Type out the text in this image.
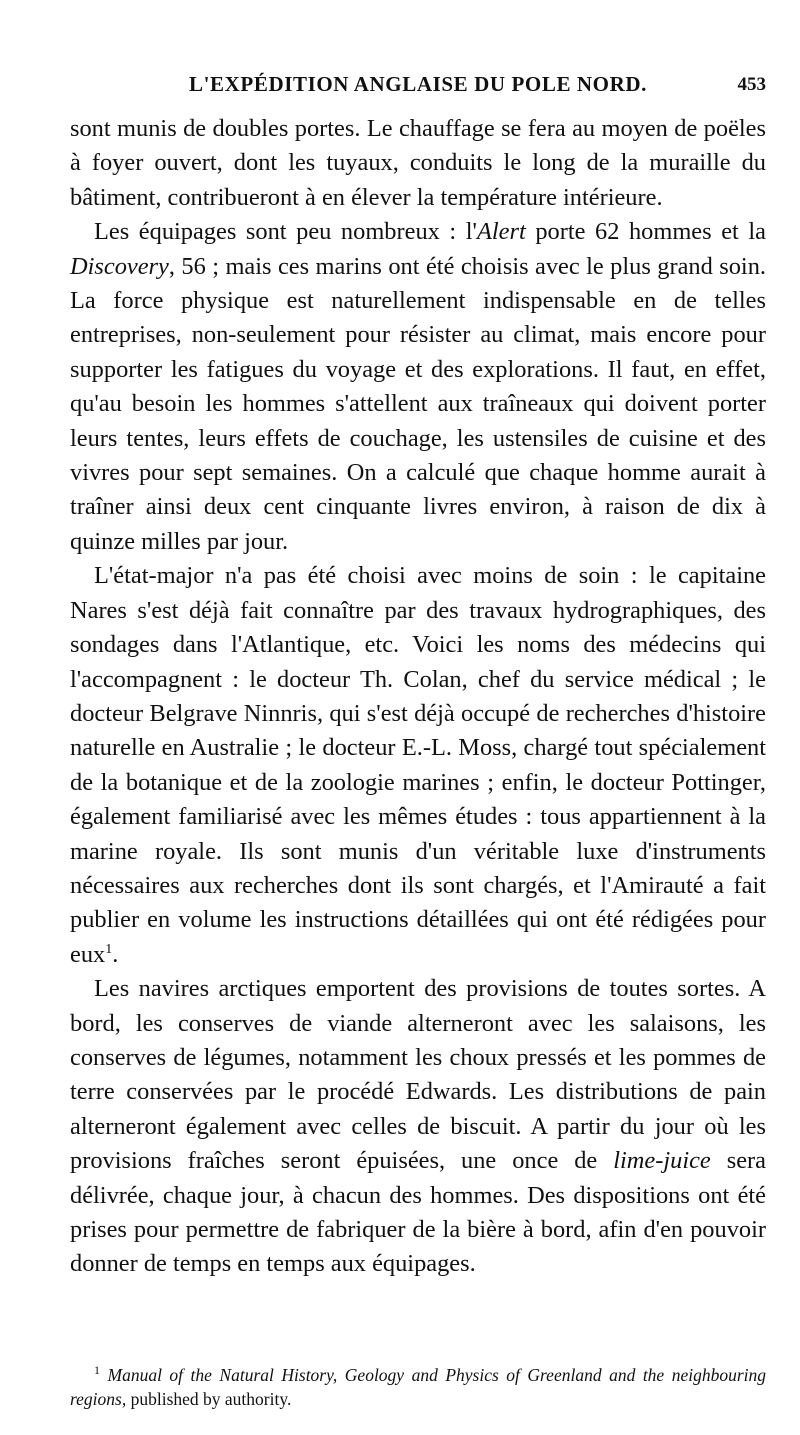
L'EXPÉDITION ANGLAISE DU POLE NORD.	453

sont munis de doubles portes. Le chauffage se fera au moyen de poëles à foyer ouvert, dont les tuyaux, conduits le long de la muraille du bâtiment, contribueront à en élever la température intérieure.

Les équipages sont peu nombreux : l'Alert porte 62 hommes et la Discovery, 56 ; mais ces marins ont été choisis avec le plus grand soin. La force physique est naturellement indispensable en de telles entreprises, non-seulement pour résister au climat, mais encore pour supporter les fatigues du voyage et des explorations. Il faut, en effet, qu'au besoin les hommes s'attellent aux traîneaux qui doivent porter leurs tentes, leurs effets de couchage, les ustensiles de cuisine et des vivres pour sept semaines. On a calculé que chaque homme aurait à traîner ainsi deux cent cinquante livres environ, à raison de dix à quinze milles par jour.

L'état-major n'a pas été choisi avec moins de soin : le capitaine Nares s'est déjà fait connaître par des travaux hydrographiques, des sondages dans l'Atlantique, etc. Voici les noms des médecins qui l'accompagnent : le docteur Th. Colan, chef du service médical ; le docteur Belgrave Ninnris, qui s'est déjà occupé de recherches d'histoire naturelle en Australie ; le docteur E.-L. Moss, chargé tout spécialement de la botanique et de la zoologie marines ; enfin, le docteur Pottinger, également familiarisé avec les mêmes études : tous appartiennent à la marine royale. Ils sont munis d'un véritable luxe d'instruments nécessaires aux recherches dont ils sont chargés, et l'Amirauté a fait publier en volume les instructions détaillées qui ont été rédigées pour eux$^1$.

Les navires arctiques emportent des provisions de toutes sortes. A bord, les conserves de viande alterneront avec les salaisons, les conserves de légumes, notamment les choux pressés et les pommes de terre conservées par le procédé Edwards. Les distributions de pain alterneront également avec celles de biscuit. A partir du jour où les provisions fraîches seront épuisées, une once de lime-juice sera délivrée, chaque jour, à chacun des hommes. Des dispositions ont été prises pour permettre de fabriquer de la bière à bord, afin d'en pouvoir donner de temps en temps aux équipages.

$^1$ Manual of the Natural History, Geology and Physics of Greenland and the neighbouring regions, published by authority.
